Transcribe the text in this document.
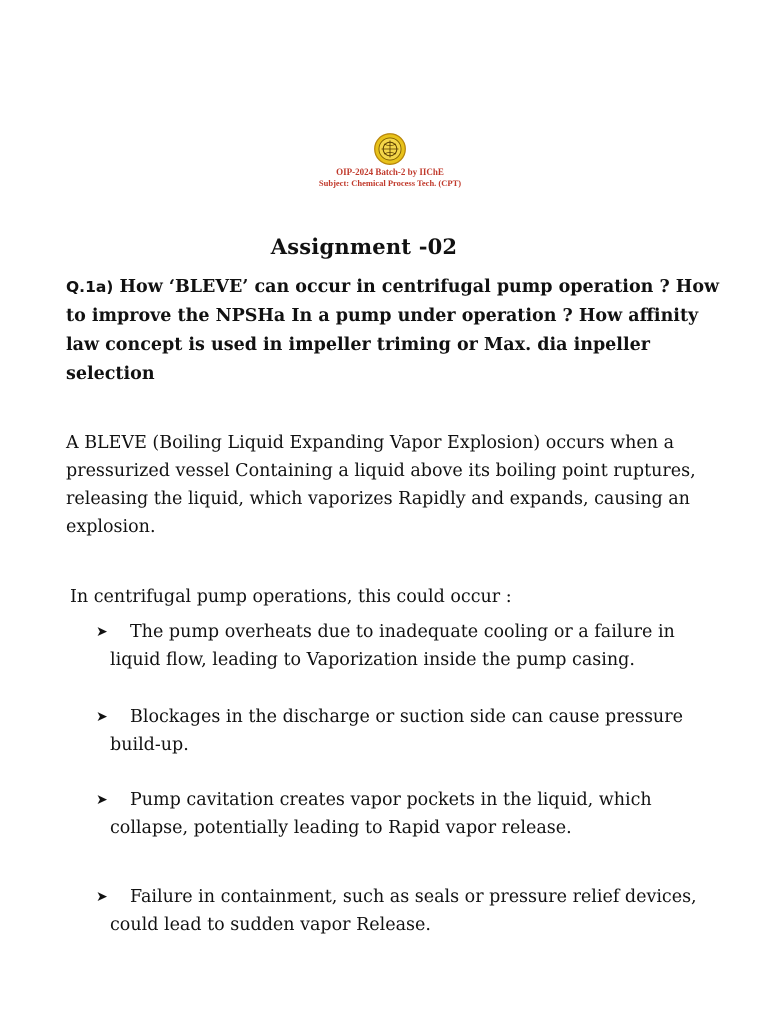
OIP-2024 Batch-2 by IIChE
Subject: Chemical Process Tech. (CPT)
Assignment -02
Q.1a) How ‘BLEVE’ can occur in centrifugal pump operation ? How to improve the NPSHa In a pump under operation ? How affinity law concept is used in impeller triming or Max. dia inpeller selection
A BLEVE (Boiling Liquid Expanding Vapor Explosion) occurs when a pressurized vessel Containing a liquid above its boiling point ruptures, releasing the liquid, which vaporizes Rapidly and expands, causing an explosion.
In centrifugal pump operations, this could occur :
➤	The pump overheats due to inadequate cooling or a failure in liquid flow, leading to Vaporization inside the pump casing.
➤	Blockages in the discharge or suction side can cause pressure build-up.
➤	Pump cavitation creates vapor pockets in the liquid, which collapse, potentially leading to Rapid vapor release.
➤	Failure in containment, such as seals or pressure relief devices, could lead to sudden vapor Release.
